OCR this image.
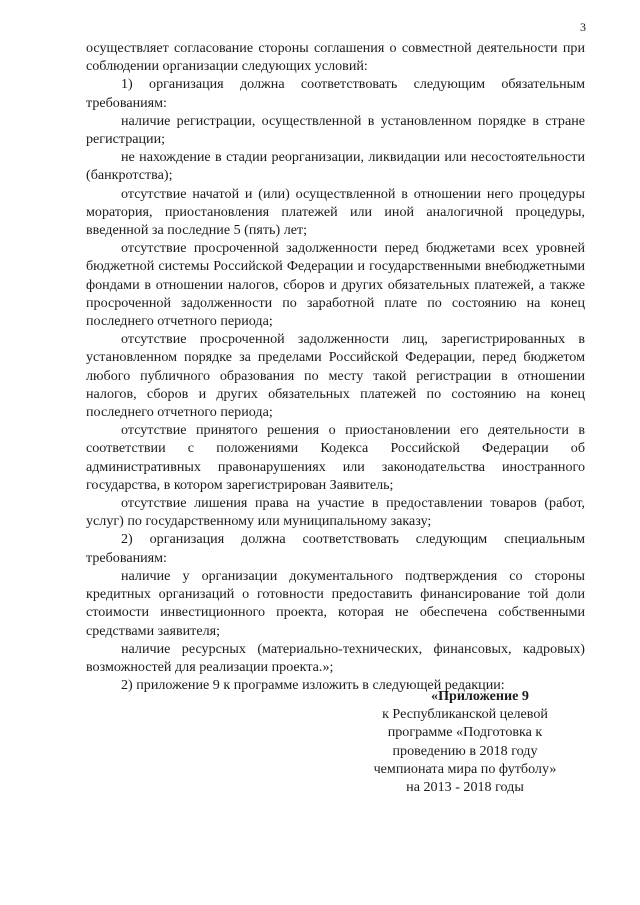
3

осуществляет согласование стороны соглашения о совместной деятельности при соблюдении организации следующих условий:

1) организация должна соответствовать следующим обязательным требованиям:

наличие регистрации, осуществленной в установленном порядке в стране регистрации;

не нахождение в стадии реорганизации, ликвидации или несостоятельности (банкротства);

отсутствие начатой и (или) осуществленной в отношении него процедуры моратория, приостановления платежей или иной аналогичной процедуры, введенной за последние 5 (пять) лет;

отсутствие просроченной задолженности перед бюджетами всех уровней бюджетной системы Российской Федерации и государственными внебюджетными фондами в отношении налогов, сборов и других обязательных платежей, а также просроченной задолженности по заработной плате по состоянию на конец последнего отчетного периода;

отсутствие просроченной задолженности лиц, зарегистрированных в установленном порядке за пределами Российской Федерации, перед бюджетом любого публичного образования по месту такой регистрации в отношении налогов, сборов и других обязательных платежей по состоянию на конец последнего отчетного периода;

отсутствие принятого решения о приостановлении его деятельности в соответствии с положениями Кодекса Российской Федерации об административных правонарушениях или законодательства иностранного государства, в котором зарегистрирован Заявитель;

отсутствие лишения права на участие в предоставлении товаров (работ, услуг) по государственному или муниципальному заказу;

2) организация должна соответствовать следующим специальным требованиям:

наличие у организации документального подтверждения со стороны кредитных организаций о готовности предоставить финансирование той доли стоимости инвестиционного проекта, которая не обеспечена собственными средствами заявителя;

наличие ресурсных (материально-технических, финансовых, кадровых) возможностей для реализации проекта.»;

2) приложение 9 к программе изложить в следующей редакции:

«Приложение 9
к Республиканской целевой
программе «Подготовка к
проведению в 2018 году
чемпионата мира по футболу»
на 2013 - 2018 годы
